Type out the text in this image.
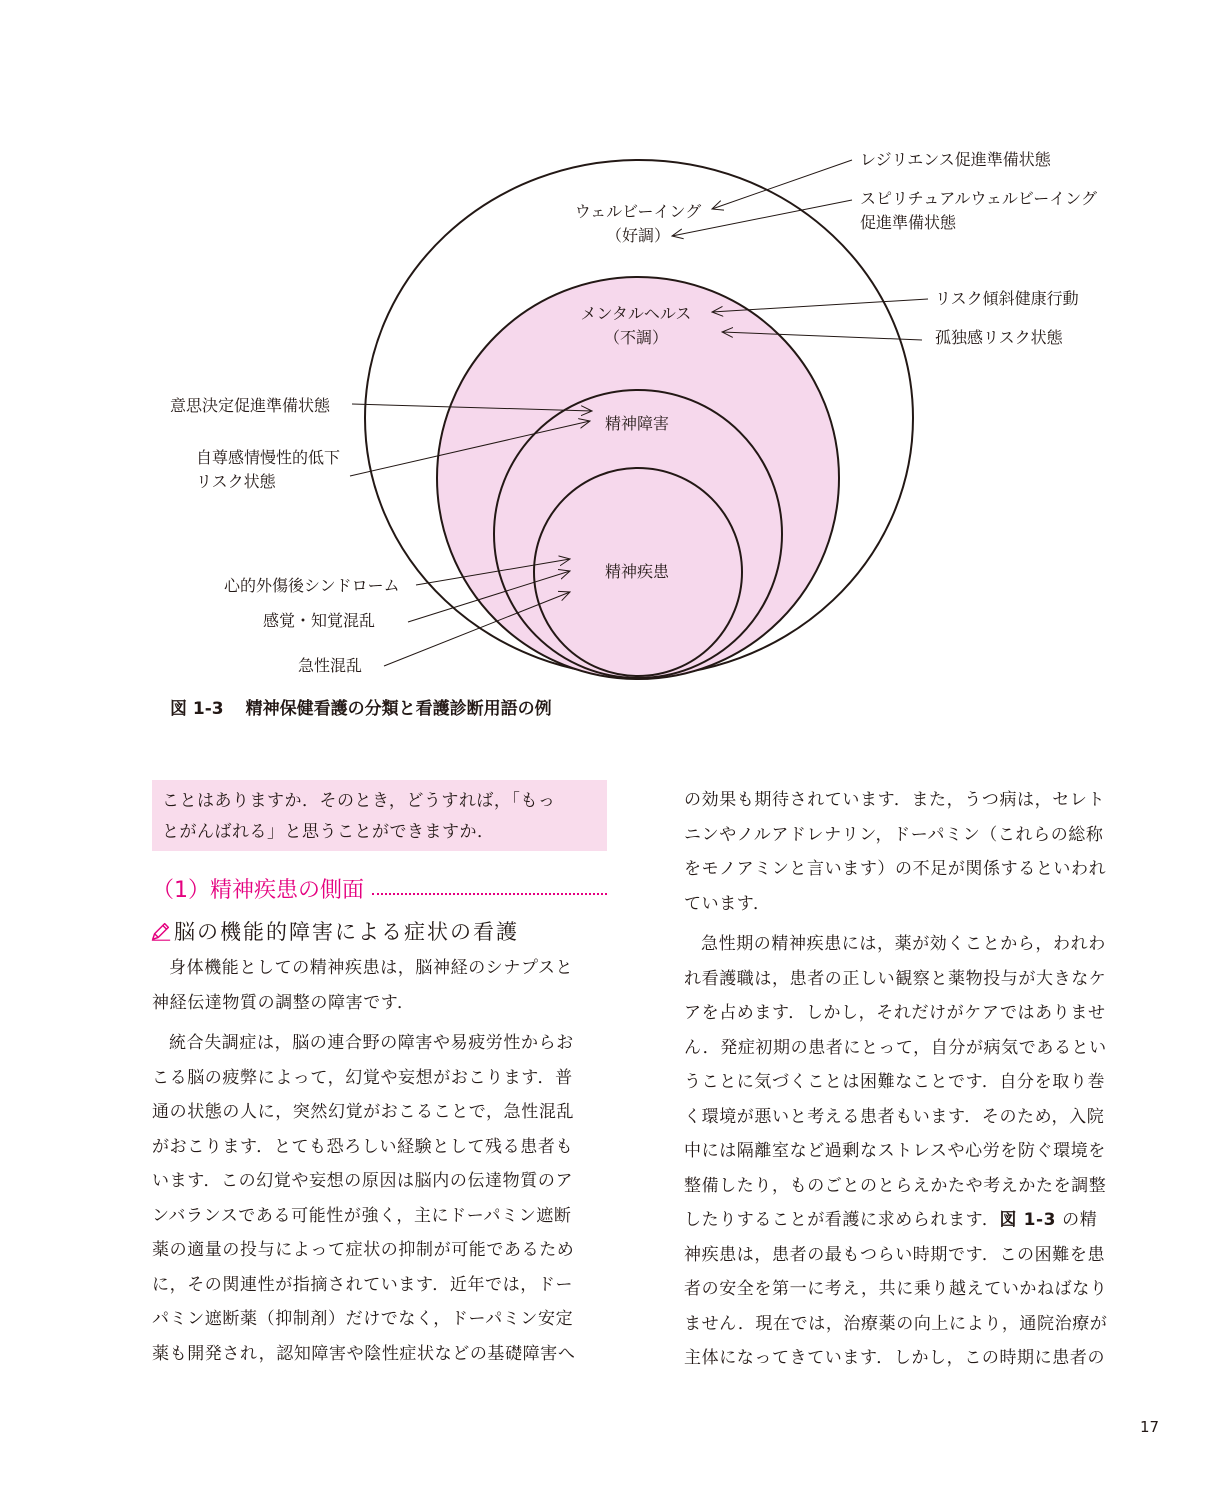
ウェルビーイング
（好調）
メンタルヘルス
（不調）
精神障害
精神疾患
レジリエンス促進準備状態
スピリチュアルウェルビーイング
促進準備状態
リスク傾斜健康行動
孤独感リスク状態
意思決定促進準備状態
自尊感情慢性的低下
リスク状態
心的外傷後シンドローム
感覚・知覚混乱
急性混乱
図 1-3 精神保健看護の分類と看護診断用語の例
ことはありますか．そのとき，どうすれば，「もっ
とがんばれる」と思うことができますか．
（1）精神疾患の側面
脳の機能的障害による症状の看護

身体機能としての精神疾患は，脳神経のシナプスと
神経伝達物質の調整の障害です．

統合失調症は，脳の連合野の障害や易疲労性からお
こる脳の疲弊によって，幻覚や妄想がおこります．普
通の状態の人に，突然幻覚がおこることで，急性混乱
がおこります．とても恐ろしい経験として残る患者も
います．この幻覚や妄想の原因は脳内の伝達物質のア
ンバランスである可能性が強く，主にドーパミン遮断
薬の適量の投与によって症状の抑制が可能であるため
に，その関連性が指摘されています．近年では，ドー
パミン遮断薬（抑制剤）だけでなく，ドーパミン安定
薬も開発され，認知障害や陰性症状などの基礎障害へ

の効果も期待されています．また，うつ病は，セレト
ニンやノルアドレナリン，ドーパミン（これらの総称
をモノアミンと言います）の不足が関係するといわれ
ています．

急性期の精神疾患には，薬が効くことから，われわ
れ看護職は，患者の正しい観察と薬物投与が大きなケ
アを占めます．しかし，それだけがケアではありませ
ん．発症初期の患者にとって，自分が病気であるとい
うことに気づくことは困難なことです．自分を取り巻
く環境が悪いと考える患者もいます．そのため，入院
中には隔離室など過剰なストレスや心労を防ぐ環境を
整備したり，ものごとのとらえかたや考えかたを調整
したりすることが看護に求められます．図 1-3 の精
神疾患は，患者の最もつらい時期です．この困難を患
者の安全を第一に考え，共に乗り越えていかねばなり
ません．現在では，治療薬の向上により，通院治療が
主体になってきています．しかし，この時期に患者の

17
